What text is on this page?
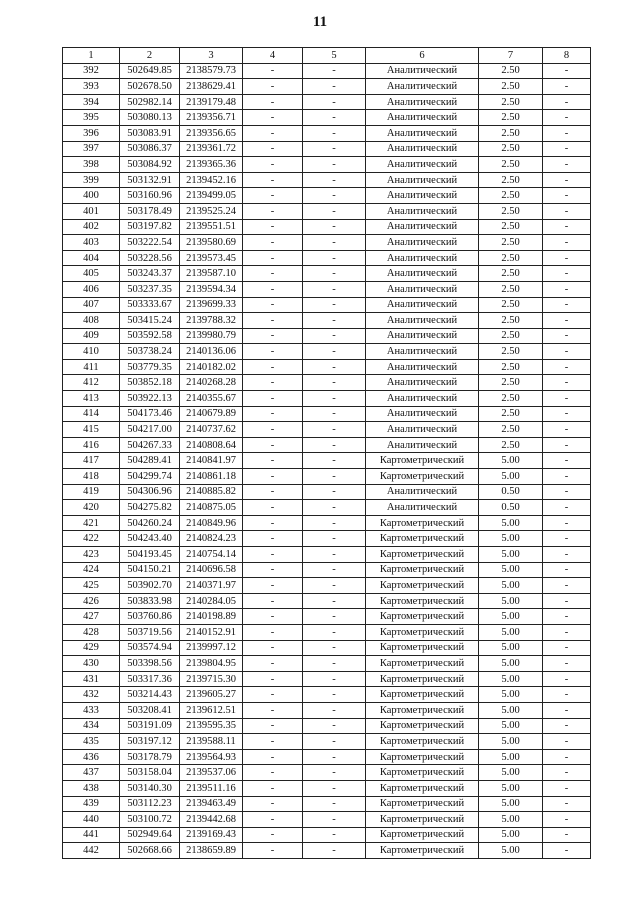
11
1	2	3	4	5	6	7	8
392	502649.85	2138579.73	-	-	Аналитический	2.50	-
393	502678.50	2138629.41	-	-	Аналитический	2.50	-
394	502982.14	2139179.48	-	-	Аналитический	2.50	-
395	503080.13	2139356.71	-	-	Аналитический	2.50	-
396	503083.91	2139356.65	-	-	Аналитический	2.50	-
397	503086.37	2139361.72	-	-	Аналитический	2.50	-
398	503084.92	2139365.36	-	-	Аналитический	2.50	-
399	503132.91	2139452.16	-	-	Аналитический	2.50	-
400	503160.96	2139499.05	-	-	Аналитический	2.50	-
401	503178.49	2139525.24	-	-	Аналитический	2.50	-
402	503197.82	2139551.51	-	-	Аналитический	2.50	-
403	503222.54	2139580.69	-	-	Аналитический	2.50	-
404	503228.56	2139573.45	-	-	Аналитический	2.50	-
405	503243.37	2139587.10	-	-	Аналитический	2.50	-
406	503237.35	2139594.34	-	-	Аналитический	2.50	-
407	503333.67	2139699.33	-	-	Аналитический	2.50	-
408	503415.24	2139788.32	-	-	Аналитический	2.50	-
409	503592.58	2139980.79	-	-	Аналитический	2.50	-
410	503738.24	2140136.06	-	-	Аналитический	2.50	-
411	503779.35	2140182.02	-	-	Аналитический	2.50	-
412	503852.18	2140268.28	-	-	Аналитический	2.50	-
413	503922.13	2140355.67	-	-	Аналитический	2.50	-
414	504173.46	2140679.89	-	-	Аналитический	2.50	-
415	504217.00	2140737.62	-	-	Аналитический	2.50	-
416	504267.33	2140808.64	-	-	Аналитический	2.50	-
417	504289.41	2140841.97	-	-	Картометрический	5.00	-
418	504299.74	2140861.18	-	-	Картометрический	5.00	-
419	504306.96	2140885.82	-	-	Аналитический	0.50	-
420	504275.82	2140875.05	-	-	Аналитический	0.50	-
421	504260.24	2140849.96	-	-	Картометрический	5.00	-
422	504243.40	2140824.23	-	-	Картометрический	5.00	-
423	504193.45	2140754.14	-	-	Картометрический	5.00	-
424	504150.21	2140696.58	-	-	Картометрический	5.00	-
425	503902.70	2140371.97	-	-	Картометрический	5.00	-
426	503833.98	2140284.05	-	-	Картометрический	5.00	-
427	503760.86	2140198.89	-	-	Картометрический	5.00	-
428	503719.56	2140152.91	-	-	Картометрический	5.00	-
429	503574.94	2139997.12	-	-	Картометрический	5.00	-
430	503398.56	2139804.95	-	-	Картометрический	5.00	-
431	503317.36	2139715.30	-	-	Картометрический	5.00	-
432	503214.43	2139605.27	-	-	Картометрический	5.00	-
433	503208.41	2139612.51	-	-	Картометрический	5.00	-
434	503191.09	2139595.35	-	-	Картометрический	5.00	-
435	503197.12	2139588.11	-	-	Картометрический	5.00	-
436	503178.79	2139564.93	-	-	Картометрический	5.00	-
437	503158.04	2139537.06	-	-	Картометрический	5.00	-
438	503140.30	2139511.16	-	-	Картометрический	5.00	-
439	503112.23	2139463.49	-	-	Картометрический	5.00	-
440	503100.72	2139442.68	-	-	Картометрический	5.00	-
441	502949.64	2139169.43	-	-	Картометрический	5.00	-
442	502668.66	2138659.89	-	-	Картометрический	5.00	-
